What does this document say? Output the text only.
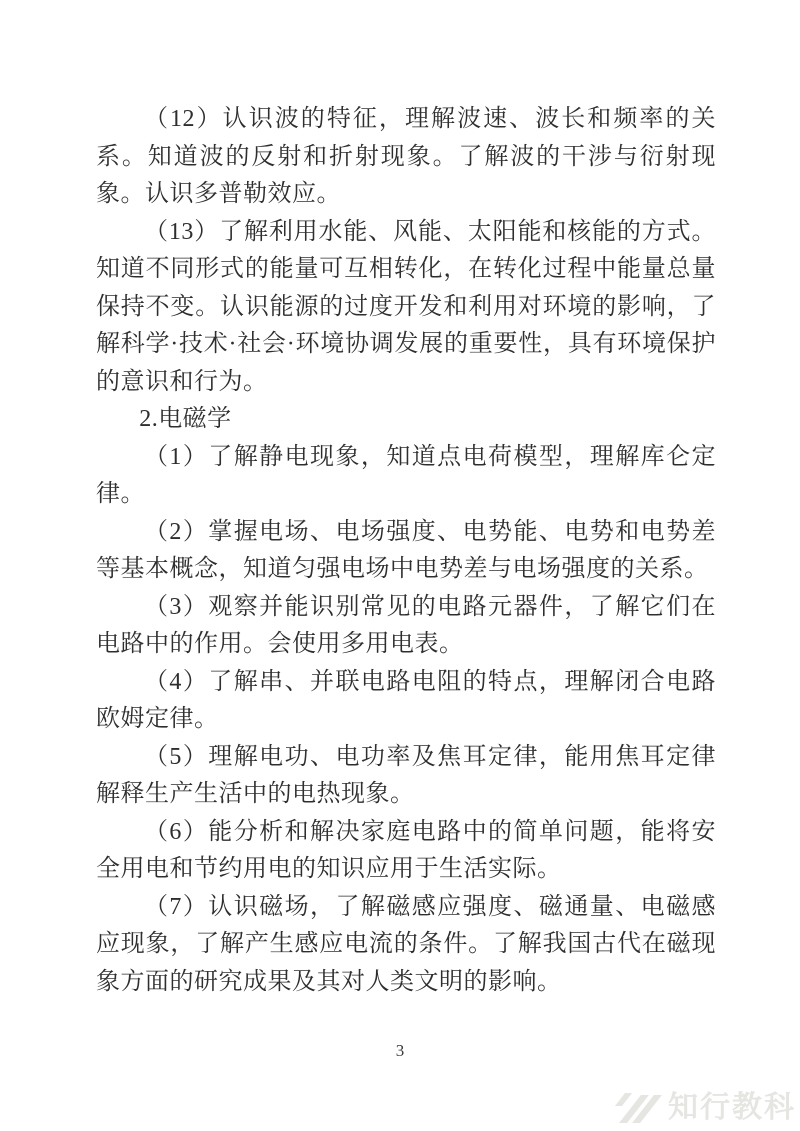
（12）认识波的特征，理解波速、波长和频率的关系。知道波的反射和折射现象。了解波的干涉与衍射现象。认识多普勒效应。

（13）了解利用水能、风能、太阳能和核能的方式。知道不同形式的能量可互相转化，在转化过程中能量总量保持不变。认识能源的过度开发和利用对环境的影响，了解科学·技术·社会·环境协调发展的重要性，具有环境保护的意识和行为。

2.电磁学

（1）了解静电现象，知道点电荷模型，理解库仑定律。

（2）掌握电场、电场强度、电势能、电势和电势差等基本概念，知道匀强电场中电势差与电场强度的关系。

（3）观察并能识别常见的电路元器件，了解它们在电路中的作用。会使用多用电表。

（4）了解串、并联电路电阻的特点，理解闭合电路欧姆定律。

（5）理解电功、电功率及焦耳定律，能用焦耳定律解释生产生活中的电热现象。

（6）能分析和解决家庭电路中的简单问题，能将安全用电和节约用电的知识应用于生活实际。

（7）认识磁场，了解磁感应强度、磁通量、电磁感应现象，了解产生感应电流的条件。了解我国古代在磁现象方面的研究成果及其对人类文明的影响。

3
知行教科
